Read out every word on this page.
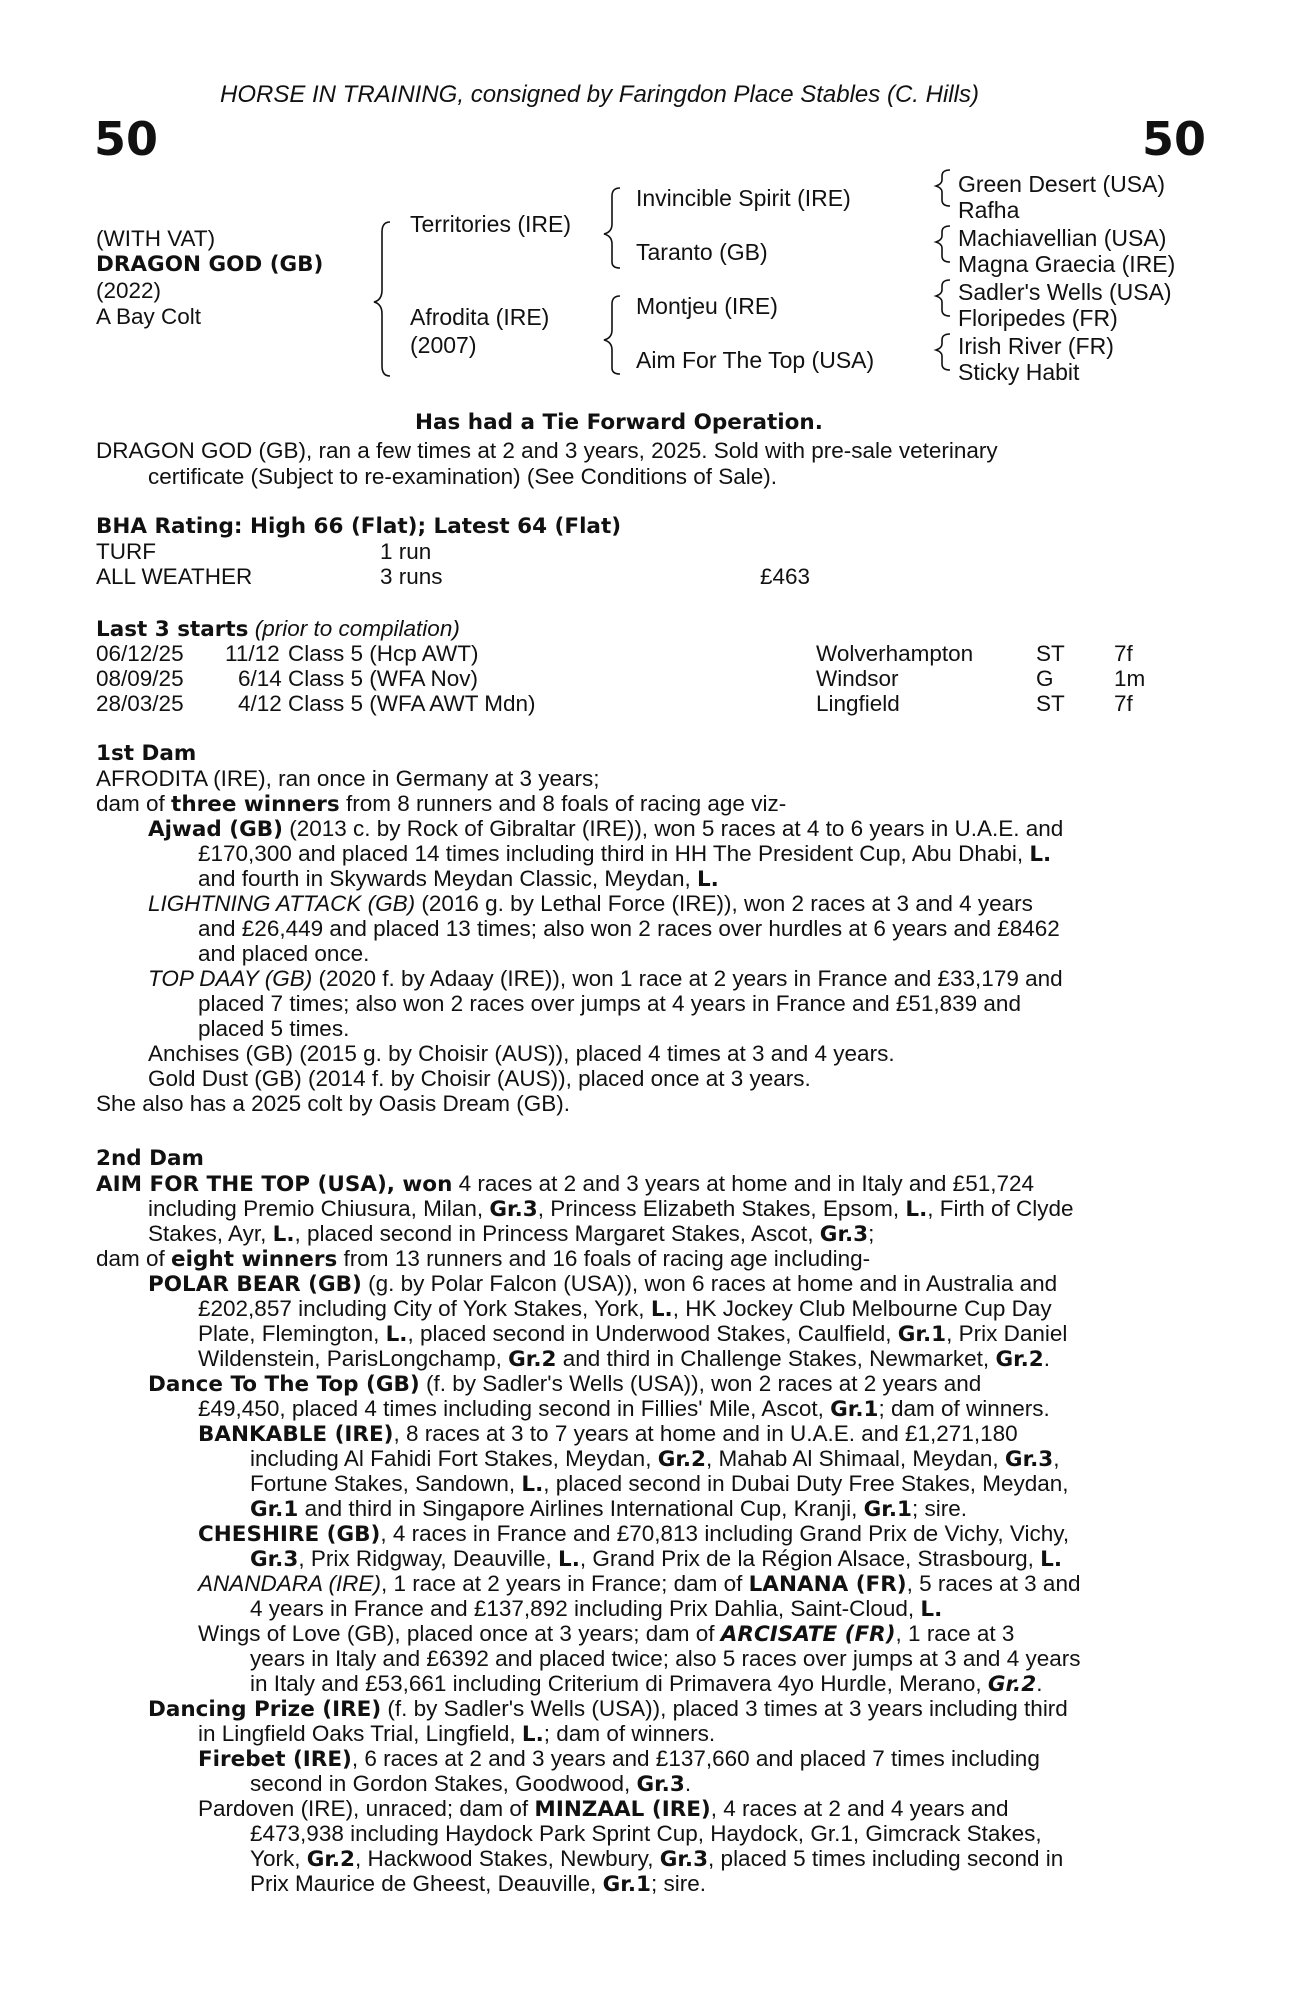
HORSE IN TRAINING, consigned by Faringdon Place Stables (C. Hills)
50	50
(WITH VAT)
DRAGON GOD (GB)
(2022)
A Bay Colt
Territories (IRE)
Afrodita (IRE)
(2007)
Invincible Spirit (IRE)
Taranto (GB)
Montjeu (IRE)
Aim For The Top (USA)
Green Desert (USA)
Rafha
Machiavellian (USA)
Magna Graecia (IRE)
Sadler's Wells (USA)
Floripedes (FR)
Irish River (FR)
Sticky Habit
Has had a Tie Forward Operation.
DRAGON GOD (GB), ran a few times at 2 and 3 years, 2025. Sold with pre-sale veterinary
certificate (Subject to re-examination) (See Conditions of Sale).
BHA Rating: High 66 (Flat); Latest 64 (Flat)
TURF	1 run
ALL WEATHER	3 runs	£463
Last 3 starts (prior to compilation)
06/12/25 11/12 Class 5 (Hcp AWT)	Wolverhampton	ST 7f
08/09/25 6/14 Class 5 (WFA Nov)	Windsor	G	1m
28/03/25 4/12 Class 5 (WFA AWT Mdn)	Lingfield	ST 7f
1st Dam
AFRODITA (IRE), ran once in Germany at 3 years;
dam of three winners from 8 runners and 8 foals of racing age viz-
Ajwad (GB) (2013 c. by Rock of Gibraltar (IRE)), won 5 races at 4 to 6 years in U.A.E. and
£170,300 and placed 14 times including third in HH The President Cup, Abu Dhabi, L.
and fourth in Skywards Meydan Classic, Meydan, L.
LIGHTNING ATTACK (GB) (2016 g. by Lethal Force (IRE)), won 2 races at 3 and 4 years
and £26,449 and placed 13 times; also won 2 races over hurdles at 6 years and £8462
and placed once.
TOP DAAY (GB) (2020 f. by Adaay (IRE)), won 1 race at 2 years in France and £33,179 and
placed 7 times; also won 2 races over jumps at 4 years in France and £51,839 and
placed 5 times.
Anchises (GB) (2015 g. by Choisir (AUS)), placed 4 times at 3 and 4 years.
Gold Dust (GB) (2014 f. by Choisir (AUS)), placed once at 3 years.
She also has a 2025 colt by Oasis Dream (GB).
2nd Dam
AIM FOR THE TOP (USA), won 4 races at 2 and 3 years at home and in Italy and £51,724
including Premio Chiusura, Milan, Gr.3, Princess Elizabeth Stakes, Epsom, L., Firth of Clyde
Stakes, Ayr, L., placed second in Princess Margaret Stakes, Ascot, Gr.3;
dam of eight winners from 13 runners and 16 foals of racing age including-
POLAR BEAR (GB) (g. by Polar Falcon (USA)), won 6 races at home and in Australia and
£202,857 including City of York Stakes, York, L., HK Jockey Club Melbourne Cup Day
Plate, Flemington, L., placed second in Underwood Stakes, Caulfield, Gr.1, Prix Daniel
Wildenstein, ParisLongchamp, Gr.2 and third in Challenge Stakes, Newmarket, Gr.2.
Dance To The Top (GB) (f. by Sadler's Wells (USA)), won 2 races at 2 years and
£49,450, placed 4 times including second in Fillies' Mile, Ascot, Gr.1; dam of winners.
BANKABLE (IRE), 8 races at 3 to 7 years at home and in U.A.E. and £1,271,180
including Al Fahidi Fort Stakes, Meydan, Gr.2, Mahab Al Shimaal, Meydan, Gr.3,
Fortune Stakes, Sandown, L., placed second in Dubai Duty Free Stakes, Meydan,
Gr.1 and third in Singapore Airlines International Cup, Kranji, Gr.1; sire.
CHESHIRE (GB), 4 races in France and £70,813 including Grand Prix de Vichy, Vichy,
Gr.3, Prix Ridgway, Deauville, L., Grand Prix de la Région Alsace, Strasbourg, L.
ANANDARA (IRE), 1 race at 2 years in France; dam of LANANA (FR), 5 races at 3 and
4 years in France and £137,892 including Prix Dahlia, Saint-Cloud, L.
Wings of Love (GB), placed once at 3 years; dam of ARCISATE (FR), 1 race at 3
years in Italy and £6392 and placed twice; also 5 races over jumps at 3 and 4 years
in Italy and £53,661 including Criterium di Primavera 4yo Hurdle, Merano, Gr.2.
Dancing Prize (IRE) (f. by Sadler's Wells (USA)), placed 3 times at 3 years including third
in Lingfield Oaks Trial, Lingfield, L.; dam of winners.
Firebet (IRE), 6 races at 2 and 3 years and £137,660 and placed 7 times including
second in Gordon Stakes, Goodwood, Gr.3.
Pardoven (IRE), unraced; dam of MINZAAL (IRE), 4 races at 2 and 4 years and
£473,938 including Haydock Park Sprint Cup, Haydock, Gr.1, Gimcrack Stakes,
York, Gr.2, Hackwood Stakes, Newbury, Gr.3, placed 5 times including second in
Prix Maurice de Gheest, Deauville, Gr.1; sire.
